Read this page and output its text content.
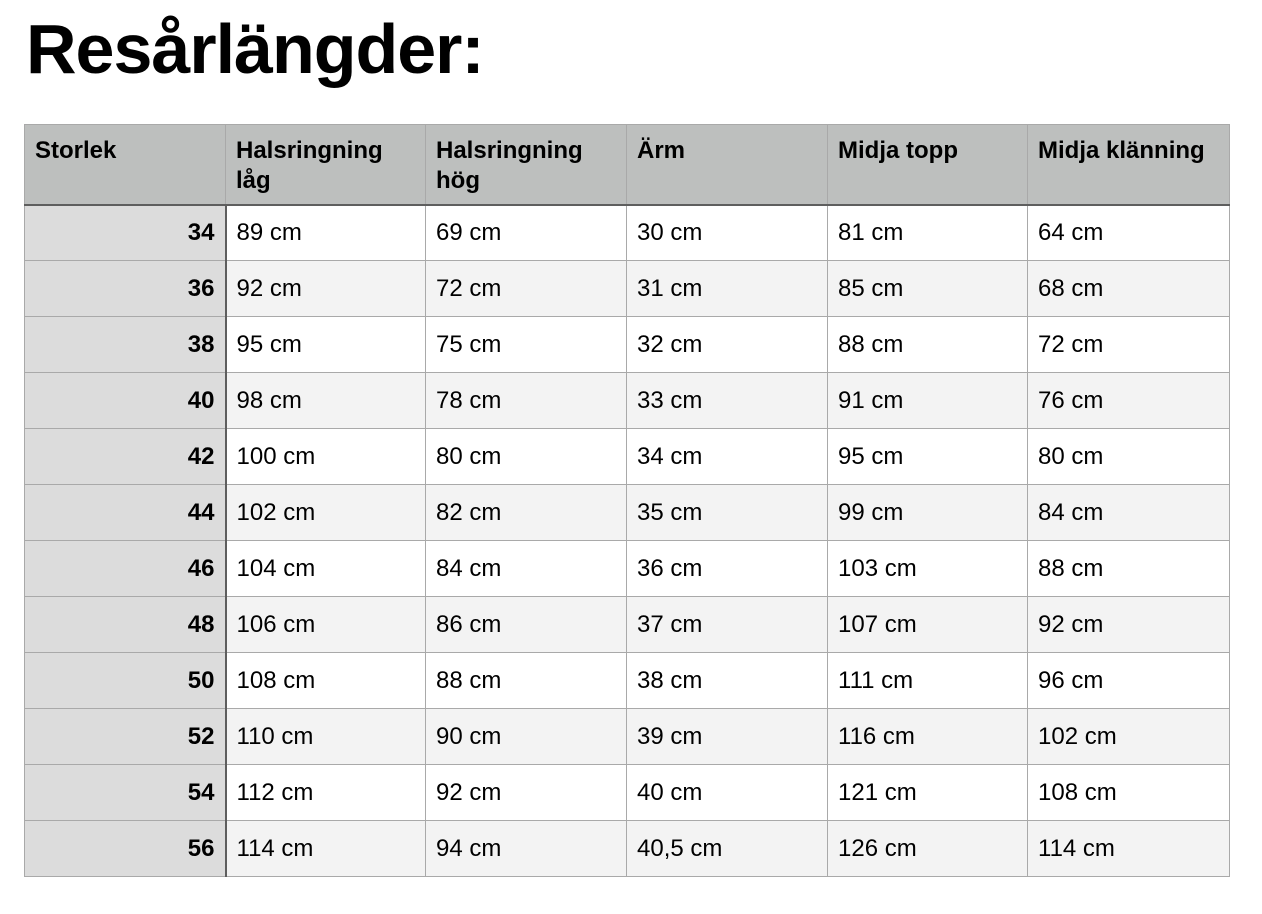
Resårlängder:
Storlek	Halsringning låg	Halsringning hög	Ärm	Midja topp	Midja klänning
34	89 cm	69 cm	30 cm	81 cm	64 cm
36	92 cm	72 cm	31 cm	85 cm	68 cm
38	95 cm	75 cm	32 cm	88 cm	72 cm
40	98 cm	78 cm	33 cm	91 cm	76 cm
42	100 cm	80 cm	34 cm	95 cm	80 cm
44	102 cm	82 cm	35 cm	99 cm	84 cm
46	104 cm	84 cm	36 cm	103 cm	88 cm
48	106 cm	86 cm	37 cm	107 cm	92 cm
50	108 cm	88 cm	38 cm	111 cm	96 cm
52	110 cm	90 cm	39 cm	116 cm	102 cm
54	112 cm	92 cm	40 cm	121 cm	108 cm
56	114 cm	94 cm	40,5 cm	126 cm	114 cm
